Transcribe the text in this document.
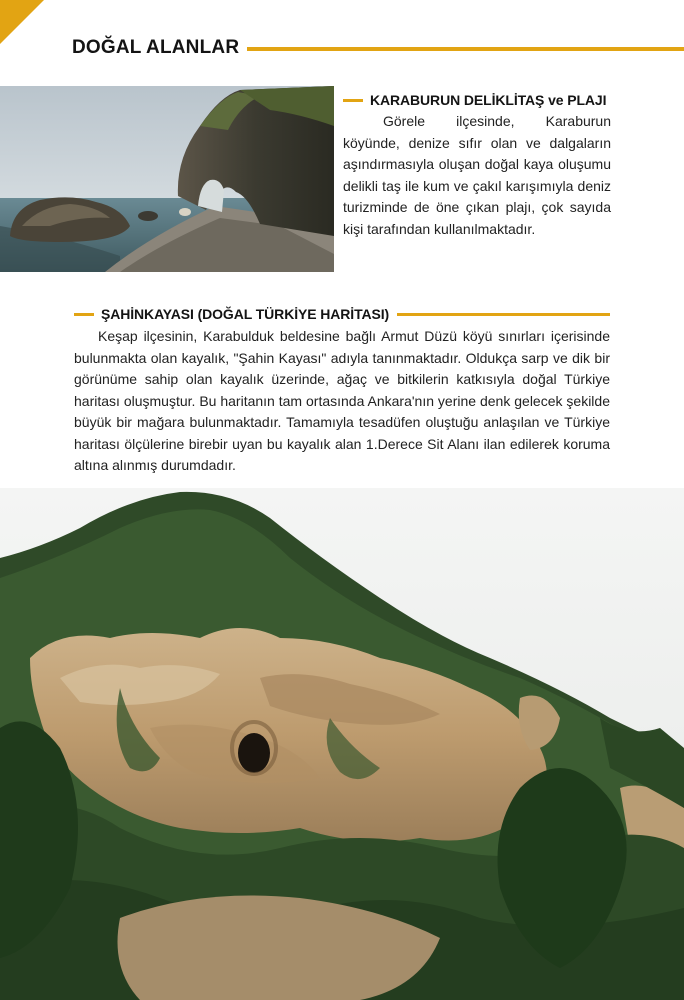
DOĞAL ALANLAR
KARABURUN DELİKLİTAŞ ve PLAJI

Görele ilçesinde, Karaburun köyünde, denize sıfır olan ve dalgaların aşındırmasıyla oluşan doğal kaya oluşumu delikli taş ile kum ve çakıl karışımıyla deniz turizminde de öne çıkan plajı, çok sayıda kişi tarafından kullanılmaktadır.

ŞAHİNKAYASI (DOĞAL TÜRKİYE HARİTASI)

Keşap ilçesinin, Karabulduk beldesine bağlı Armut Düzü köyü sınırları içerisinde bulunmakta olan kayalık, "Şahin Kayası" adıyla tanınmaktadır. Oldukça sarp ve dik bir görünüme sahip olan kayalık üzerinde, ağaç ve bitkilerin katkısıyla doğal Türkiye haritası oluşmuştur. Bu haritanın tam ortasında Ankara'nın yerine denk gelecek şekilde büyük bir mağara bulunmaktadır. Tamamıyla tesadüfen oluştuğu anlaşılan ve Türkiye haritası ölçülerine birebir uyan bu kayalık alan 1.Derece Sit Alanı ilan edilerek koruma altına alınmış durumdadır.
